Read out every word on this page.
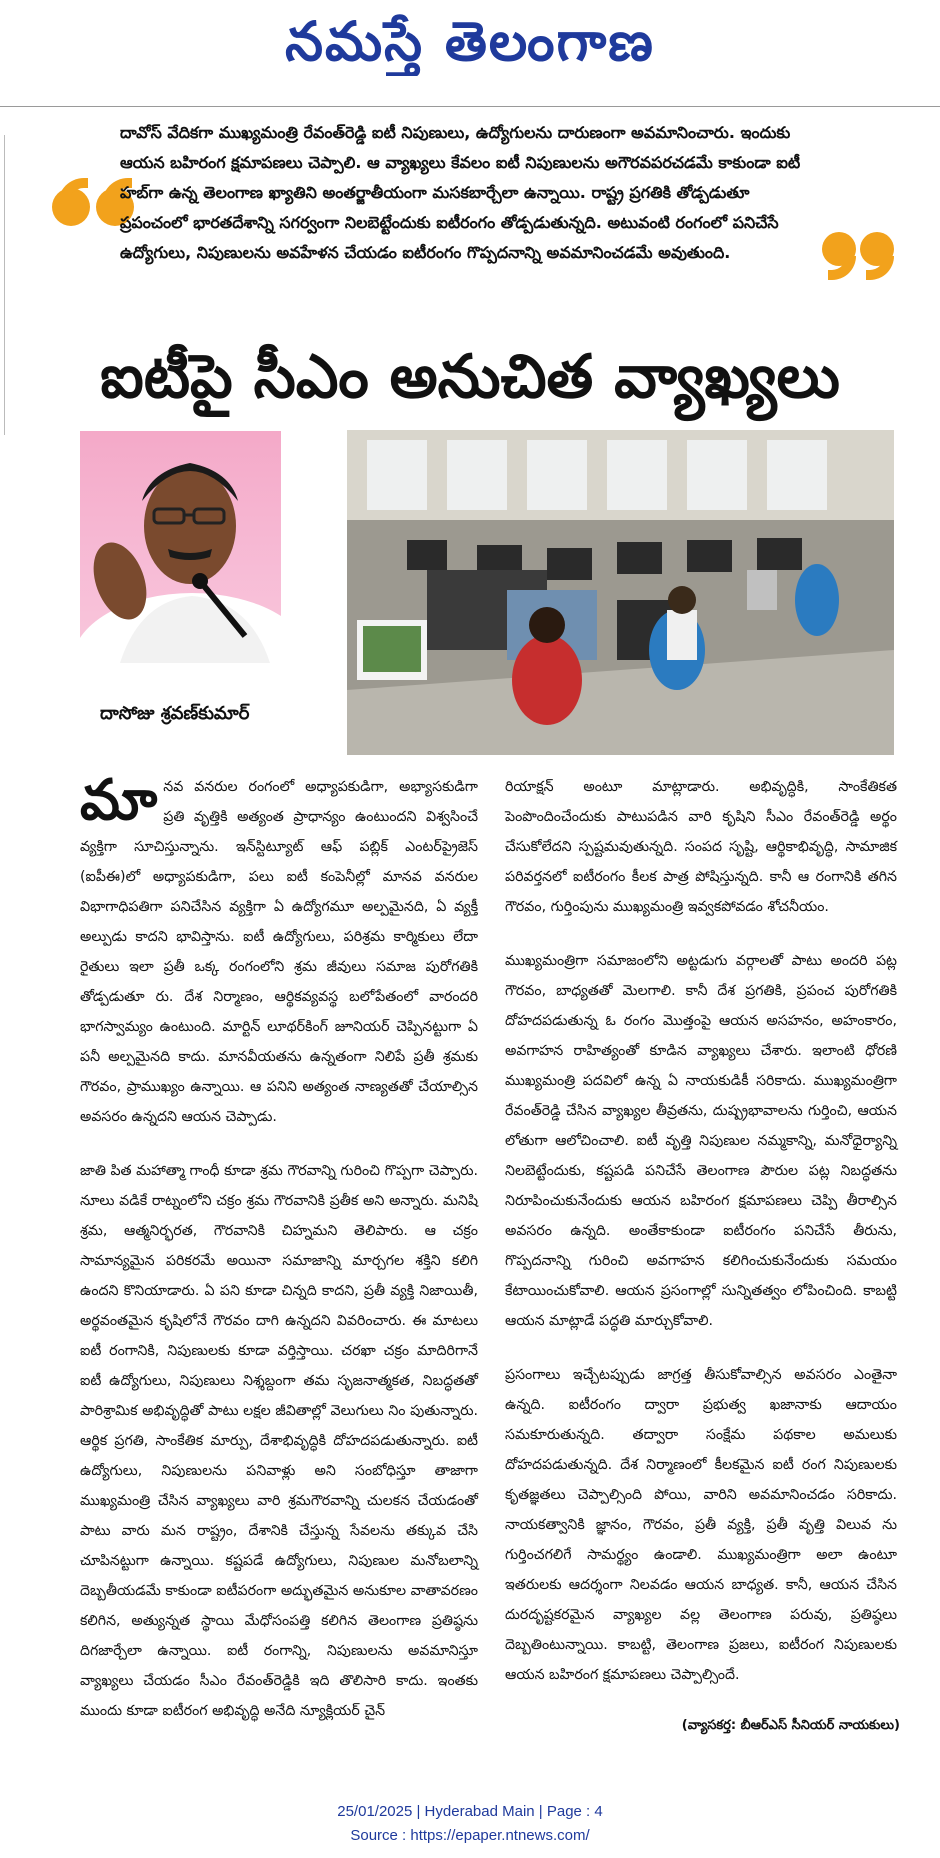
నమస్తే తెలంగాణ
దావోస్ వేదికగా ముఖ్యమంత్రి రేవంత్‌రెడ్డి ఐటీ నిపుణులు, ఉద్యోగులను దారుణంగా అవమానించారు. ఇందుకు ఆయన బహిరంగ క్షమాపణలు చెప్పాలి. ఆ వ్యాఖ్యలు కేవలం ఐటీ నిపుణులను అగౌరవపరచడమే కాకుండా ఐటీ హబ్‌గా ఉన్న తెలంగాణ ఖ్యాతిని అంతర్జాతీయంగా మసకబార్చేలా ఉన్నాయి. రాష్ట్ర ప్రగతికి తోడ్పడుతూ ప్రపంచంలో భారతదేశాన్ని సగర్వంగా నిలబెట్టేందుకు ఐటీరంగం తోడ్పడుతున్నది. అటువంటి రంగంలో పనిచేసే ఉద్యోగులు, నిపుణులను అవహేళన చేయడం ఐటీరంగం గొప్పదనాన్ని అవమానించడమే అవుతుంది.
ఐటీపై సీఎం అనుచిత వ్యాఖ్యలు
దాసోజు శ్రవణ్‌కుమార్
మా నవ వనరుల రంగంలో అధ్యాపకుడిగా, అభ్యాసకుడిగా ప్రతి వృత్తికి అత్యంత ప్రాధాన్యం ఉంటుందని విశ్వసించే వ్యక్తిగా సూచిస్తున్నాను. ఇన్‌స్టిట్యూట్ ఆఫ్ పబ్లిక్ ఎంటర్‌ప్రైజెస్ (ఐపీఈ)లో అధ్యాపకుడిగా, పలు ఐటీ కంపెనీల్లో మానవ వనరుల విభాగాధిపతిగా పనిచేసిన వ్యక్తిగా ఏ ఉద్యోగమూ అల్పమైనది, ఏ వ్యక్తీ అల్పుడు కాదని భావిస్తాను. ఐటీ ఉద్యోగులు, పరిశ్రమ కార్మికులు లేదా రైతులు ఇలా ప్రతీ ఒక్క రంగంలోని శ్రమ జీవులు సమాజ పురోగతికి తోడ్పడుతూ రు. దేశ నిర్మాణం, ఆర్థికవ్యవస్థ బలోపేతంలో వారందరి భాగస్వామ్యం ఉంటుంది. మార్టిన్ లూథర్‌కింగ్ జూనియర్ చెప్పినట్టుగా ఏ పనీ అల్పమైనది కాదు. మానవీయతను ఉన్నతంగా నిలిపే ప్రతీ శ్రమకు గౌరవం, ప్రాముఖ్యం ఉన్నాయి. ఆ పనిని అత్యంత నాణ్యతతో చేయాల్సిన అవసరం ఉన్నదని ఆయన చెప్పాడు.

జాతి పిత మహాత్మా గాంధీ కూడా శ్రమ గౌరవాన్ని గురించి గొప్పగా చెప్పారు. నూలు వడికే రాట్నంలోని చక్రం శ్రమ గౌరవానికి ప్రతీక అని అన్నారు. మనిషి శ్రమ, ఆత్మనిర్భరత, గౌరవానికి చిహ్నమని తెలిపారు. ఆ చక్రం సామాన్యమైన పరికరమే అయినా సమాజాన్ని మార్చగల శక్తిని కలిగి ఉందని కొనియాడారు. ఏ పని కూడా చిన్నది కాదని, ప్రతీ వ్యక్తి నిజాయితీ, అర్థవంతమైన కృషిలోనే గౌరవం దాగి ఉన్నదని వివరించారు. ఈ మాటలు ఐటీ రంగానికి, నిపుణులకు కూడా వర్తిస్తాయి. చరఖా చక్రం మాదిరిగానే ఐటీ ఉద్యోగులు, నిపుణులు నిశ్శబ్దంగా తమ సృజనాత్మకత, నిబద్ధతతో పారిశ్రామిక అభివృద్ధితో పాటు లక్షల జీవితాల్లో వెలుగులు నిం పుతున్నారు. ఆర్థిక ప్రగతి, సాంకేతిక మార్పు, దేశాభివృద్ధికి దోహదపడుతున్నారు. ఐటీ ఉద్యోగులు, నిపుణులను పనివాళ్లు అని సంబోధిస్తూ తాజాగా ముఖ్యమంత్రి చేసిన వ్యాఖ్యలు వారి శ్రమగౌరవాన్ని చులకన చేయడంతో పాటు వారు మన రాష్ట్రం, దేశానికి చేస్తున్న సేవలను తక్కువ చేసి చూపినట్టుగా ఉన్నాయి. కష్టపడే ఉద్యోగులు, నిపుణుల మనోబలాన్ని దెబ్బతీయడమే కాకుండా ఐటీపరంగా అద్భుతమైన అనుకూల వాతావరణం కలిగిన, అత్యున్నత స్థాయి మేధోసంపత్తి కలిగిన తెలంగాణ ప్రతిష్ఠను దిగజార్చేలా ఉన్నాయి. ఐటీ రంగాన్ని, నిపుణులను అవమానిస్తూ వ్యాఖ్యలు చేయడం సీఎం రేవంత్‌రెడ్డికి ఇది తొలిసారి కాదు. ఇంతకు ముందు కూడా ఐటీరంగ అభివృద్ధి అనేది న్యూక్లియర్ చైన్

రియాక్షన్ అంటూ మాట్లాడారు. అభివృద్ధికి, సాంకేతికత పెంపొందించేందుకు పాటుపడిన వారి కృషిని సీఎం రేవంత్‌రెడ్డి అర్థం చేసుకోలేదని స్పష్టమవుతున్నది. సంపద సృష్టి, ఆర్థికాభివృద్ధి, సామాజిక పరివర్తనలో ఐటీరంగం కీలక పాత్ర పోషిస్తున్నది. కానీ ఆ రంగానికి తగిన గౌరవం, గుర్తింపును ముఖ్యమంత్రి ఇవ్వకపోవడం శోచనీయం.

ముఖ్యమంత్రిగా సమాజంలోని అట్టడుగు వర్గాలతో పాటు అందరి పట్ల గౌరవం, బాధ్యతతో మెలగాలి. కానీ దేశ ప్రగతికి, ప్రపంచ పురోగతికి దోహదపడుతున్న ఓ రంగం మొత్తంపై ఆయన అసహనం, అహంకారం, అవగాహన రాహిత్యంతో కూడిన వ్యాఖ్యలు చేశారు. ఇలాంటి ధోరణి ముఖ్యమంత్రి పదవిలో ఉన్న ఏ నాయకుడికీ సరికాదు. ముఖ్యమంత్రిగా రేవంత్‌రెడ్డి చేసిన వ్యాఖ్యల తీవ్రతను, దుష్ప్రభావాలను గుర్తించి, ఆయన లోతుగా ఆలోచించాలి. ఐటీ వృత్తి నిపుణుల నమ్మకాన్ని, మనోధైర్యాన్ని నిలబెట్టేందుకు, కష్టపడి పనిచేసే తెలంగాణ పౌరుల పట్ల నిబద్ధతను నిరూపించుకునేందుకు ఆయన బహిరంగ క్షమాపణలు చెప్పి తీరాల్సిన అవసరం ఉన్నది. అంతేకాకుండా ఐటీరంగం పనిచేసే తీరును, గొప్పదనాన్ని గురించి అవగాహన కలిగించుకునేందుకు సమయం కేటాయించుకోవాలి. ఆయన ప్రసంగాల్లో సున్నితత్వం లోపించింది. కాబట్టి ఆయన మాట్లాడే పద్ధతి మార్చుకోవాలి.

ప్రసంగాలు ఇచ్చేటప్పుడు జాగ్రత్త తీసుకోవాల్సిన అవసరం ఎంతైనా ఉన్నది. ఐటీరంగం ద్వారా ప్రభుత్వ ఖజానాకు ఆదాయం సమకూరుతున్నది. తద్వారా సంక్షేమ పథకాల అమలుకు దోహదపడుతున్నది. దేశ నిర్మాణంలో కీలకమైన ఐటీ రంగ నిపుణులకు కృతజ్ఞతలు చెప్పాల్సింది పోయి, వారిని అవమానించడం సరికాదు. నాయకత్వానికి జ్ఞానం, గౌరవం, ప్రతీ వ్యక్తి, ప్రతీ వృత్తి విలువ ను గుర్తించగలిగే సామర్థ్యం ఉండాలి. ముఖ్యమంత్రిగా అలా ఉంటూ ఇతరులకు ఆదర్శంగా నిలవడం ఆయన బాధ్యత. కానీ, ఆయన చేసిన దురదృష్టకరమైన వ్యాఖ్యల వల్ల తెలంగాణ పరువు, ప్రతిష్ఠలు దెబ్బతింటున్నాయి. కాబట్టి, తెలంగాణ ప్రజలు, ఐటీరంగ నిపుణులకు ఆయన బహిరంగ క్షమాపణలు చెప్పాల్సిందే.

(వ్యాసకర్త: బీఆర్‌ఎస్ సీనియర్ నాయకులు)
25/01/2025 | Hyderabad Main | Page : 4
Source : https://epaper.ntnews.com/
